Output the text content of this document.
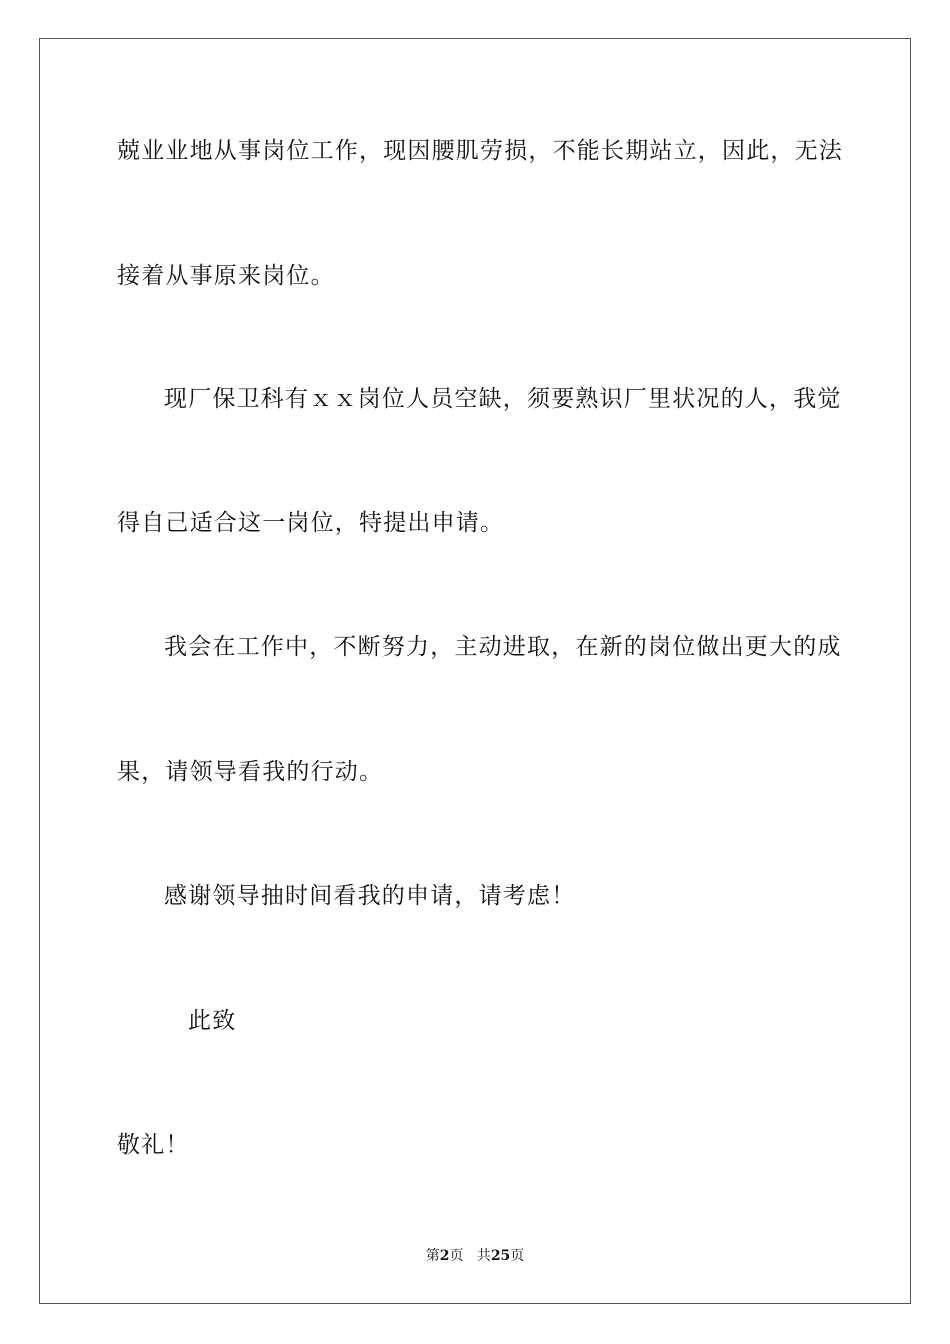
兢业业地从事岗位工作，现因腰肌劳损，不能长期站立，因此，无法
接着从事原来岗位。
现厂保卫科有ｘｘ岗位人员空缺，须要熟识厂里状况的人，我觉
得自己适合这一岗位，特提出申请。
我会在工作中，不断努力，主动进取，在新的岗位做出更大的成
果，请领导看我的行动。
感谢领导抽时间看我的申请，请考虑！
此致
敬礼！
第2页 共25页
